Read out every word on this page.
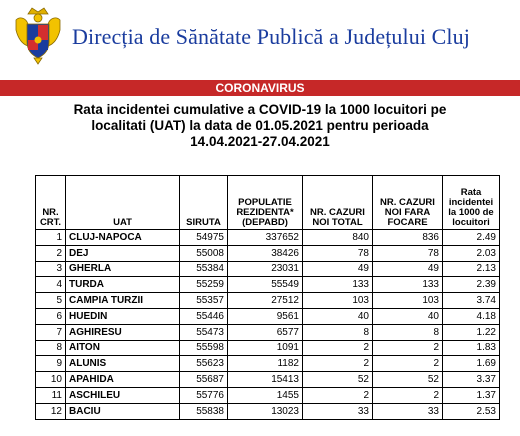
Direcția de Sănătate Publică a Județului Cluj
CORONAVIRUS
Rata incidentei cumulative a COVID-19 la 1000 locuitori pe
localitati (UAT) la data de 01.05.2021 pentru perioada
14.04.2021-27.04.2021
NR. CRT.	UAT	SIRUTA	POPULATIE REZIDENTA* (DEPABD)	NR. CAZURI NOI TOTAL	NR. CAZURI NOI FARA FOCARE	Rata incidentei la 1000 de locuitori
1	CLUJ-NAPOCA	54975	337652	840	836	2.49
2	DEJ	55008	38426	78	78	2.03
3	GHERLA	55384	23031	49	49	2.13
4	TURDA	55259	55549	133	133	2.39
5	CAMPIA TURZII	55357	27512	103	103	3.74
6	HUEDIN	55446	9561	40	40	4.18
7	AGHIRESU	55473	6577	8	8	1.22
8	AITON	55598	1091	2	2	1.83
9	ALUNIS	55623	1182	2	2	1.69
10	APAHIDA	55687	15413	52	52	3.37
11	ASCHILEU	55776	1455	2	2	1.37
12	BACIU	55838	13023	33	33	2.53
